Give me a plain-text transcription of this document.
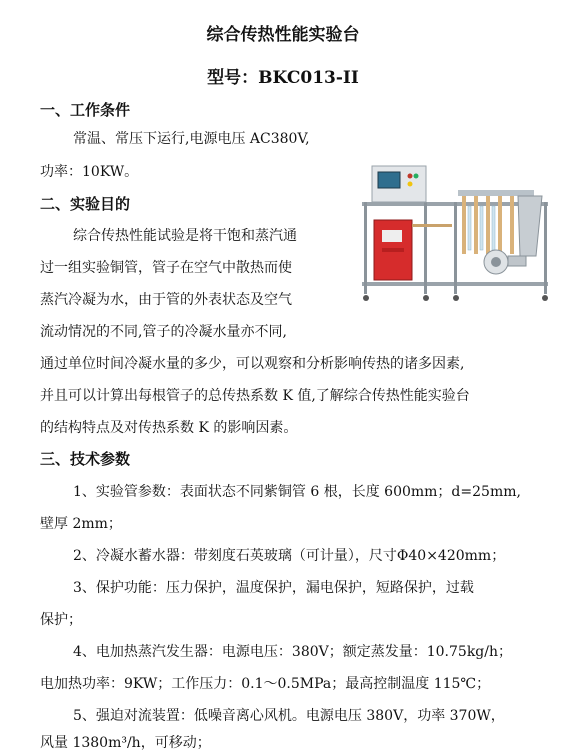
综合传热性能实验台
型号：BKC013-II
一、工作条件
常温、常压下运行,电源电压 AC380V,
功率：10KW。
二、实验目的
综合传热性能试验是将干饱和蒸汽通
过一组实验铜管，管子在空气中散热而使
蒸汽冷凝为水，由于管的外表状态及空气
流动情况的不同,管子的冷凝水量亦不同,
通过单位时间冷凝水量的多少，可以观察和分析影响传热的诸多因素,
并且可以计算出每根管子的总传热系数 K 值,了解综合传热性能实验台
的结构特点及对传热系数 K 的影响因素。
三、技术参数
1、实验管参数：表面状态不同紫铜管 6 根，长度 600mm；d=25mm,
壁厚 2mm；
2、冷凝水蓄水器：带刻度石英玻璃（可计量），尺寸Φ40×420mm；
3、保护功能：压力保护，温度保护，漏电保护，短路保护，过载
保护；
4、电加热蒸汽发生器：电源电压：380V；额定蒸发量：10.75kg/h；
电加热功率：9KW；工作压力：0.1～0.5MPa；最高控制温度 115℃；
5、强迫对流装置：低噪音离心风机。电源电压 380V，功率 370W，
风量 1380m³/h，可移动；
